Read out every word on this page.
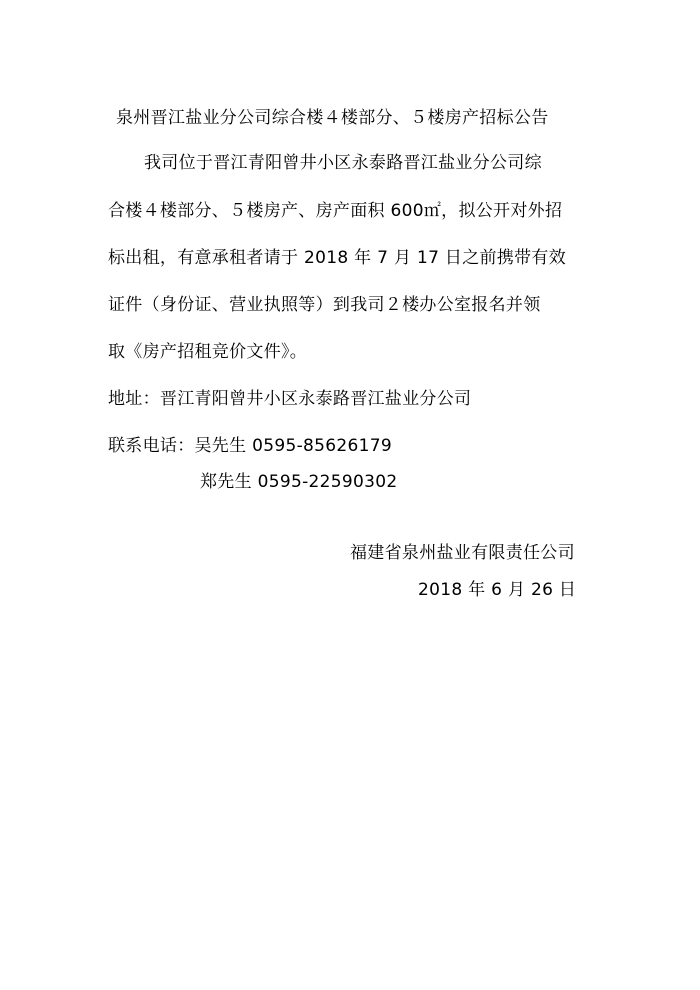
泉州晋江盐业分公司综合楼４楼部分、５楼房产招标公告
我司位于晋江青阳曾井小区永泰路晋江盐业分公司综
合楼４楼部分、５楼房产、房产面积 600㎡，拟公开对外招
标出租，有意承租者请于 2018 年 7 月 17 日之前携带有效
证件（身份证、营业执照等）到我司２楼办公室报名并领
取《房产招租竞价文件》。
地址：晋江青阳曾井小区永泰路晋江盐业分公司
联系电话：吴先生 0595-85626179
郑先生 0595-22590302
福建省泉州盐业有限责任公司
2018 年 6 月 26 日
